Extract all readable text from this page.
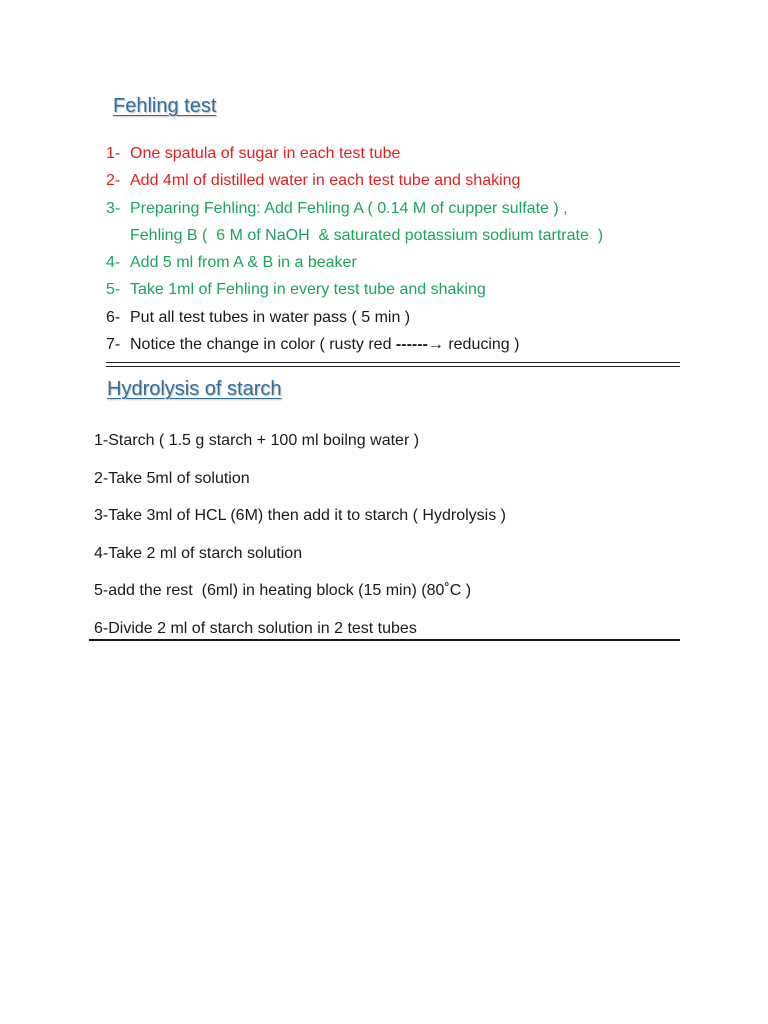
Fehling test
1- One spatula of sugar in each test tube
2- Add 4ml of distilled water in each test tube and shaking
3- Preparing Fehling: Add Fehling A ( 0.14 M of cupper sulfate ) ,
Fehling B (  6 M of NaOH  & saturated potassium sodium tartrate  )
4- Add 5 ml from A & B in a beaker
5- Take 1ml of Fehling in every test tube and shaking
6- Put all test tubes in water pass ( 5 min )
7- Notice the change in color ( rusty red ------→ reducing )
Hydrolysis of starch
1-Starch ( 1.5 g starch + 100 ml boilng water )
2-Take 5ml of solution
3-Take 3ml of HCL (6M) then add it to starch ( Hydrolysis )
4-Take 2 ml of starch solution
5-add the rest  (6ml) in heating block (15 min) (80˚C )
6-Divide 2 ml of starch solution in 2 test tubes
